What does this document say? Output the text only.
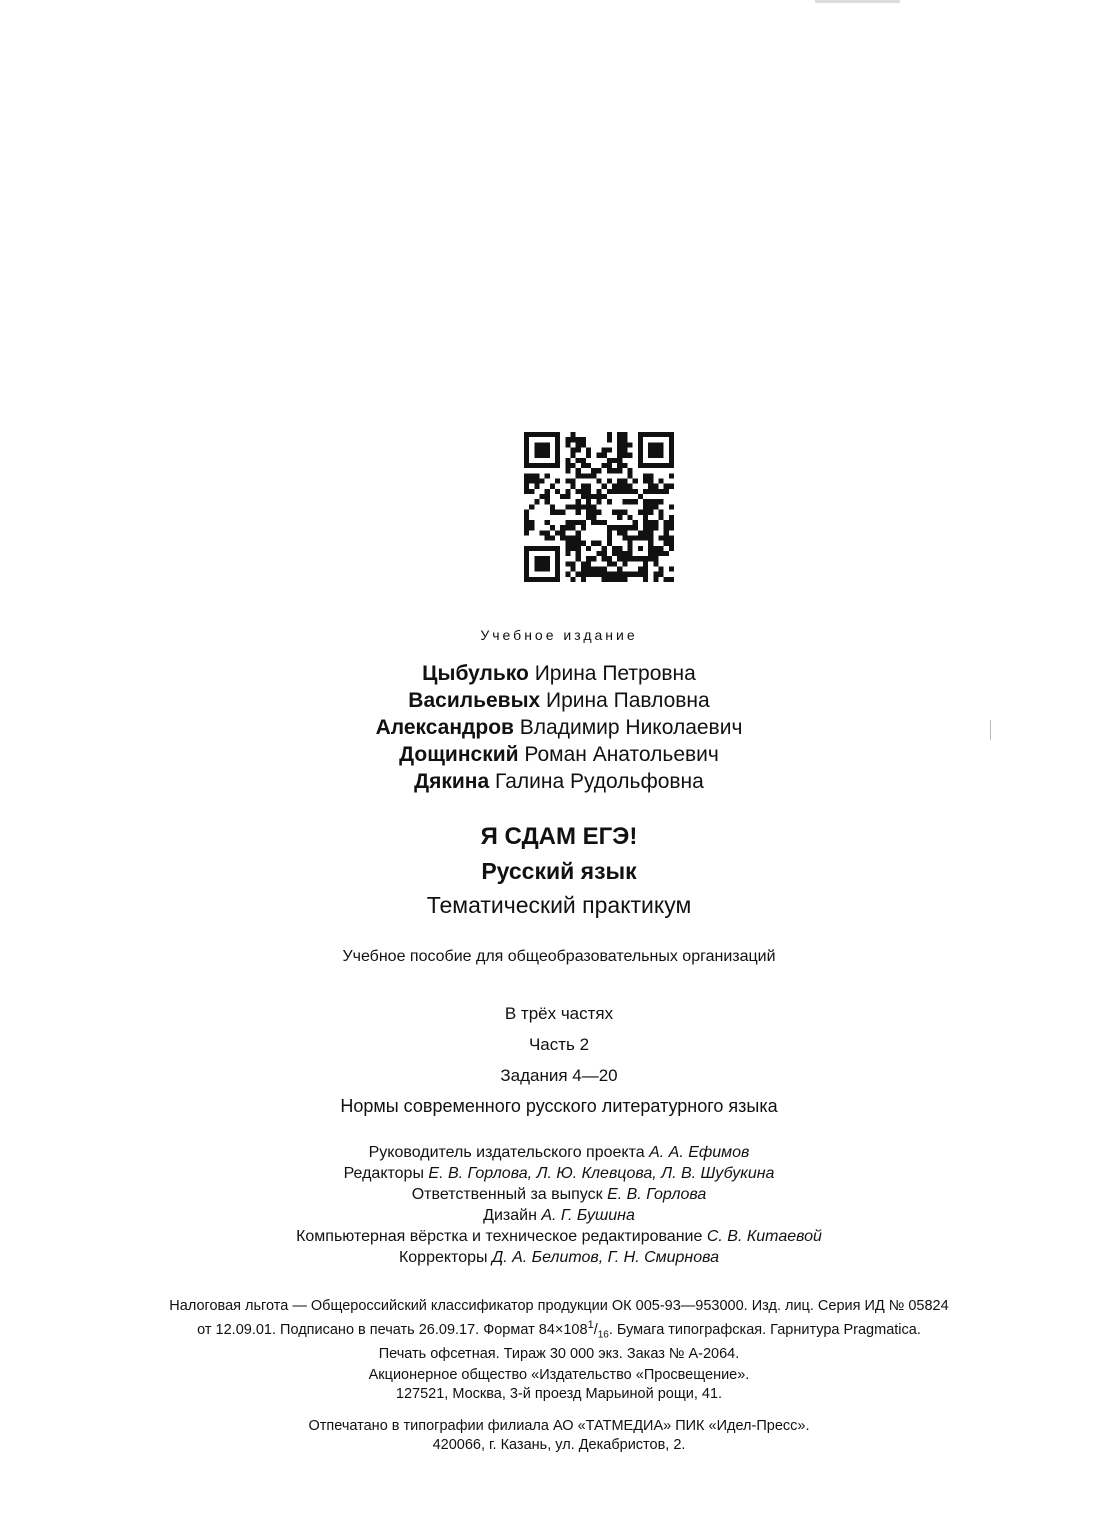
Учебное издание
Цыбулько Ирина Петровна
Васильевых Ирина Павловна
Александров Владимир Николаевич
Дощинский Роман Анатольевич
Дякина Галина Рудольфовна
Я СДАМ ЕГЭ!
Русский язык
Тематический практикум
Учебное пособие для общеобразовательных организаций
В трёх частях
Часть 2
Задания 4—20
Нормы современного русского литературного языка
Руководитель издательского проекта А. А. Ефимов
Редакторы Е. В. Горлова, Л. Ю. Клевцова, Л. В. Шубукина
Ответственный за выпуск Е. В. Горлова
Дизайн А. Г. Бушина
Компьютерная вёрстка и техническое редактирование С. В. Китаевой
Корректоры Д. А. Белитов, Г. Н. Смирнова
Налоговая льгота — Общероссийский классификатор продукции ОК 005-93—953000. Изд. лиц. Серия ИД № 05824
от 12.09.01. Подписано в печать 26.09.17. Формат $84\times 108^1/_{16}$. Бумага типографская. Гарнитура Pragmatica.
Печать офсетная. Тираж 30 000 экз. Заказ № А-2064.
Акционерное общество «Издательство «Просвещение».
127521, Москва, 3-й проезд Марьиной рощи, 41.
Отпечатано в типографии филиала АО «ТАТМЕДИА» ПИК «Идел-Пресс».
420066, г. Казань, ул. Декабристов, 2.
